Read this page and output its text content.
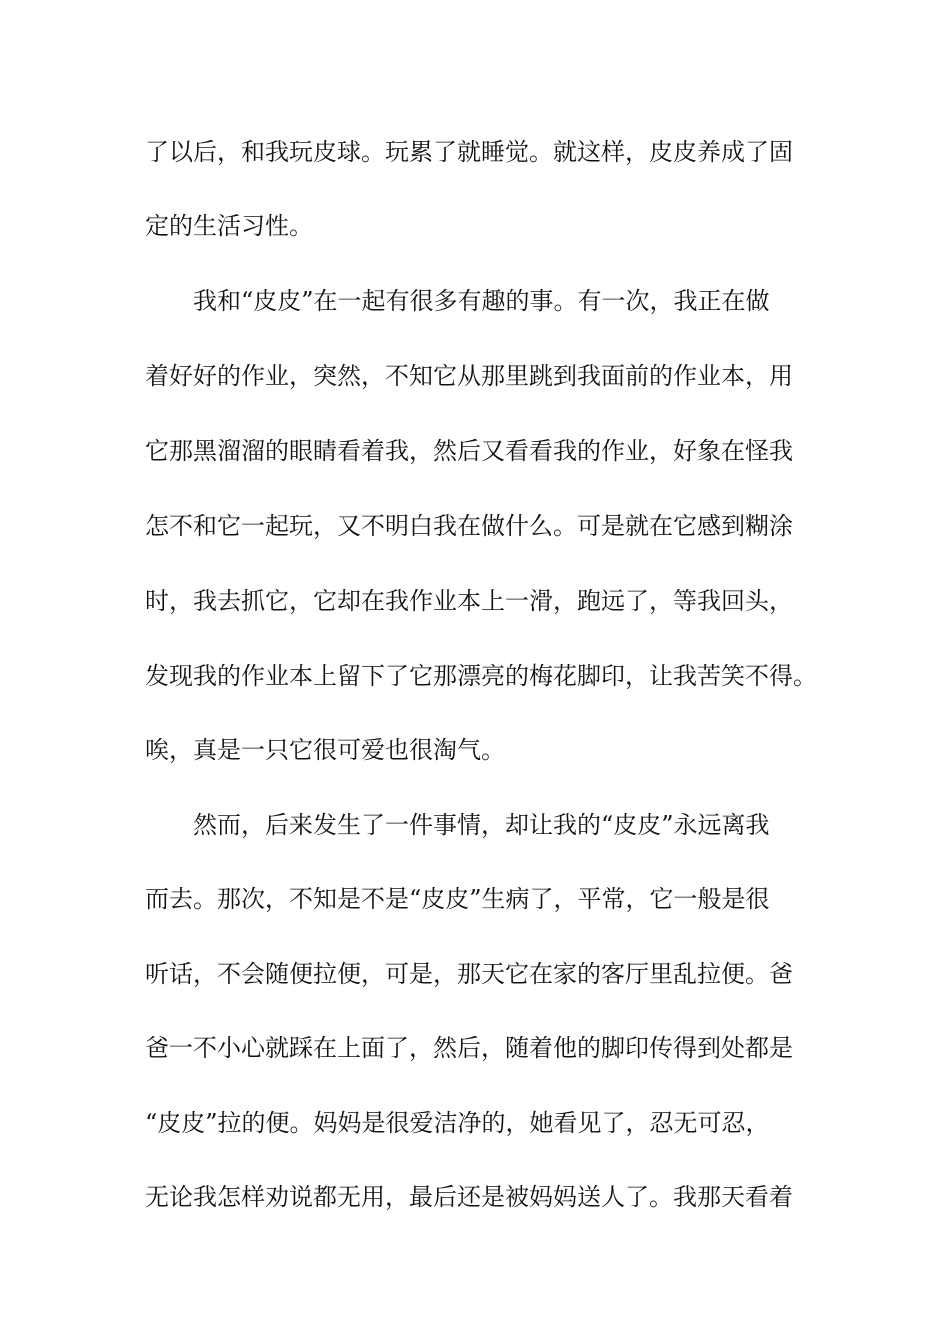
了以后，和我玩皮球。玩累了就睡觉。就这样，皮皮养成了固
定的生活习性。
　　我和“皮皮”在一起有很多有趣的事。有一次，我正在做
着好好的作业，突然，不知它从那里跳到我面前的作业本，用
它那黑溜溜的眼睛看着我，然后又看看我的作业，好象在怪我
怎不和它一起玩，又不明白我在做什么。可是就在它感到糊涂
时，我去抓它，它却在我作业本上一滑，跑远了，等我回头，
发现我的作业本上留下了它那漂亮的梅花脚印，让我苦笑不得。
唉，真是一只它很可爱也很淘气。
　　然而，后来发生了一件事情，却让我的“皮皮”永远离我
而去。那次，不知是不是“皮皮”生病了，平常，它一般是很
听话，不会随便拉便，可是，那天它在家的客厅里乱拉便。爸
爸一不小心就踩在上面了，然后，随着他的脚印传得到处都是
“皮皮”拉的便。妈妈是很爱洁净的，她看见了，忍无可忍，
无论我怎样劝说都无用，最后还是被妈妈送人了。我那天看着
